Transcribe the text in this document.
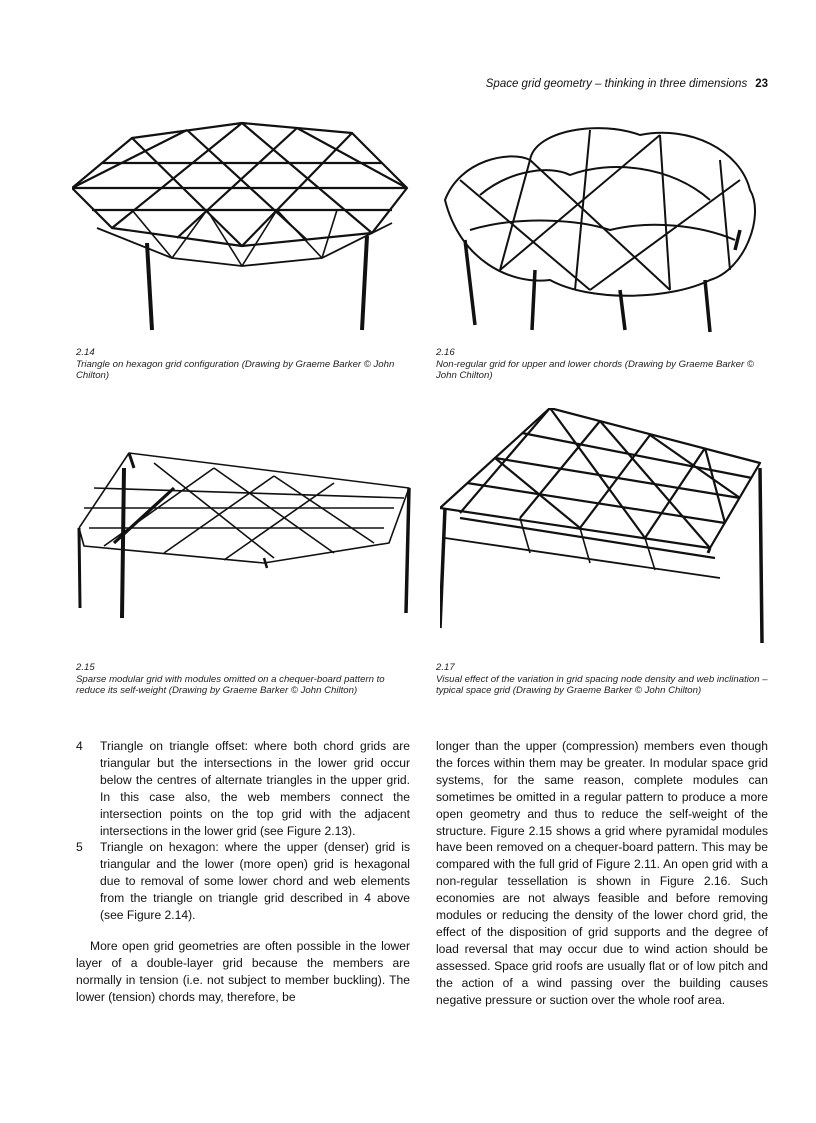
Space grid geometry – thinking in three dimensions 23
2.14
Triangle on hexagon grid configuration (Drawing by Graeme Barker © John Chilton)
2.16
Non-regular grid for upper and lower chords (Drawing by Graeme Barker © John Chilton)
2.15
Sparse modular grid with modules omitted on a chequer-board pattern to reduce its self-weight (Drawing by Graeme Barker © John Chilton)
2.17
Visual effect of the variation in grid spacing node density and web inclination – typical space grid (Drawing by Graeme Barker © John Chilton)
4	Triangle on triangle offset: where both chord grids are triangular but the intersections in the lower grid occur below the centres of alternate triangles in the upper grid. In this case also, the web members connect the intersection points on the top grid with the adjacent intersections in the lower grid (see Figure 2.13).
5	Triangle on hexagon: where the upper (denser) grid is triangular and the lower (more open) grid is hexagonal due to removal of some lower chord and web elements from the triangle on triangle grid described in 4 above (see Figure 2.14).
More open grid geometries are often possible in the lower layer of a double-layer grid because the members are normally in tension (i.e. not subject to member buckling). The lower (tension) chords may, therefore, be
longer than the upper (compression) members even though the forces within them may be greater. In modular space grid systems, for the same reason, complete modules can sometimes be omitted in a regular pattern to produce a more open geometry and thus to reduce the self-weight of the structure. Figure 2.15 shows a grid where pyramidal modules have been removed on a chequer-board pattern. This may be compared with the full grid of Figure 2.11. An open grid with a non-regular tessellation is shown in Figure 2.16. Such economies are not always feasible and before removing modules or reducing the density of the lower chord grid, the effect of the disposition of grid supports and the degree of load reversal that may occur due to wind action should be assessed. Space grid roofs are usually flat or of low pitch and the action of a wind passing over the building causes negative pressure or suction over the whole roof area.
